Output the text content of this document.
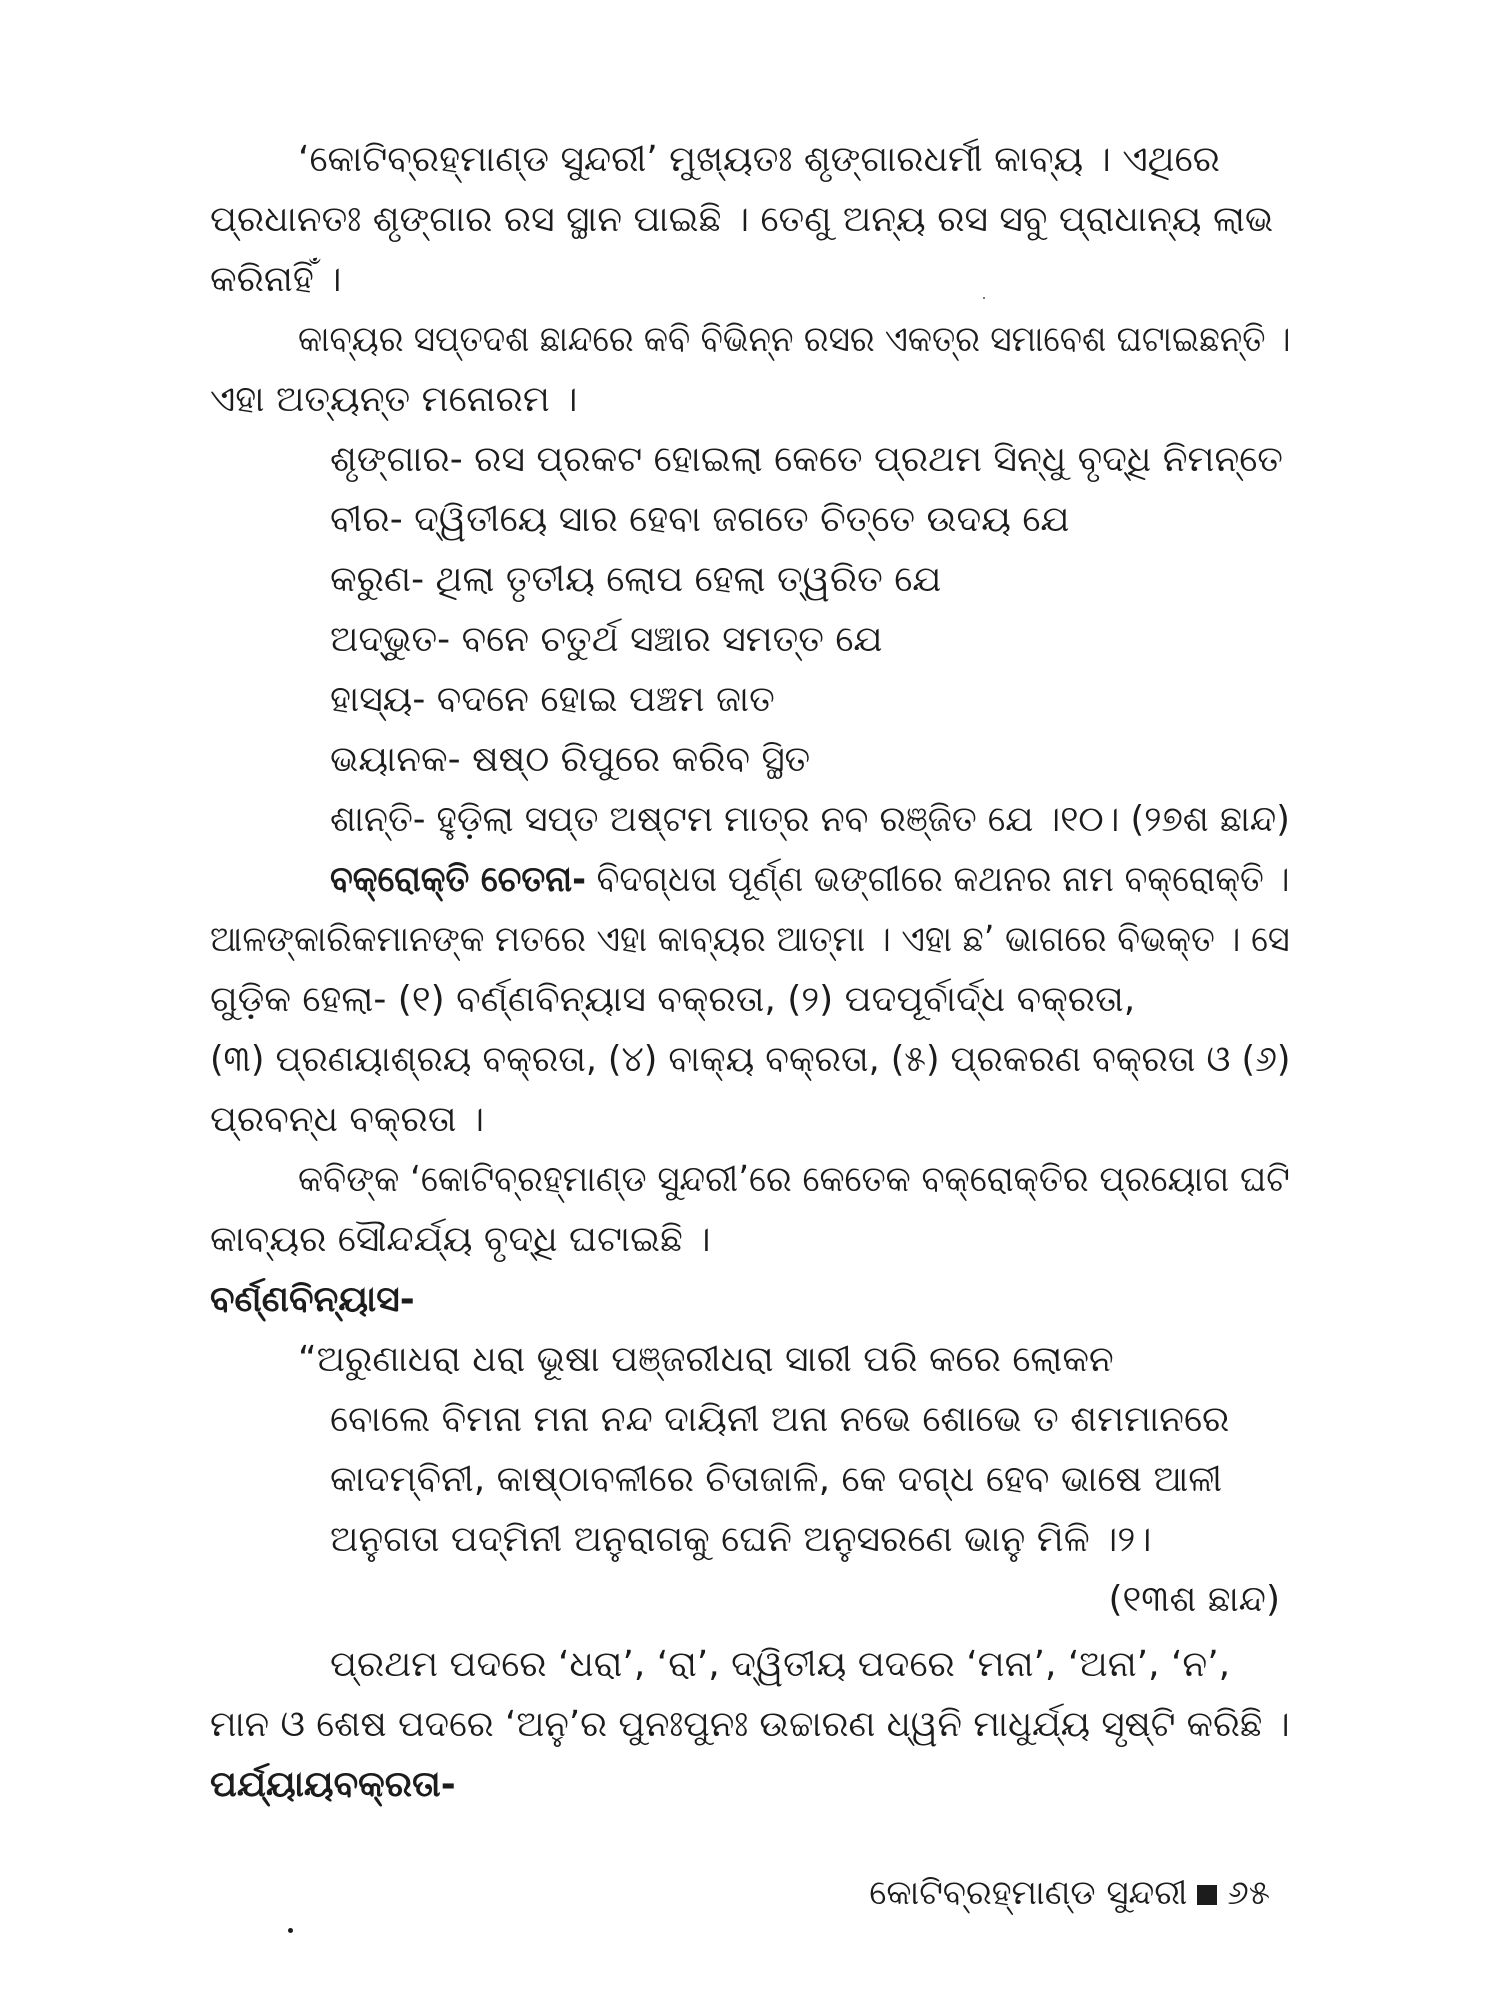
‘କୋଟିବ୍ରହ୍ମାଣ୍ଡ ସୁନ୍ଦରୀ’ ମୁଖ୍ୟତଃ ଶୃଙ୍ଗାରଧର୍ମୀ କାବ୍ୟ । ଏଥିରେ
ପ୍ରଧାନତଃ ଶୃଙ୍ଗାର ରସ ସ୍ଥାନ ପାଇଛି । ତେଣୁ ଅନ୍ୟ ରସ ସବୁ ପ୍ରାଧାନ୍ୟ ଲାଭ
କରିନାହିଁ ।
କାବ୍ୟର ସପ୍ତଦଶ ଛାନ୍ଦରେ କବି ବିଭିନ୍ନ ରସର ଏକତ୍ର ସମାବେଶ ଘଟାଇଛନ୍ତି ।
ଏହା ଅତ୍ୟନ୍ତ ମନୋରମ ।
ଶୃଙ୍ଗାର- ରସ ପ୍ରକଟ ହୋଇଲା କେତେ ପ୍ରଥମ ସିନ୍ଧୁ ବୃଦ୍ଧି ନିମନ୍ତେ
ବୀର- ଦ୍ୱିତୀୟେ ସାର ହେବା ଜଗତେ ଚିତ୍ତେ ଉଦୟ ଯେ
କରୁଣ- ଥିଲା ତୃତୀୟ ଲୋପ ହେଲା ତ୍ୱରିତ ଯେ
ଅଦ୍ଭୁତ- ବନେ ଚତୁର୍ଥ ସଞ୍ଚାର ସମତ୍ତ ଯେ
ହାସ୍ୟ- ବଦନେ ହୋଇ ପଞ୍ଚମ ଜାତ
ଭୟାନକ- ଷଷ୍ଠ ରିପୁରେ କରିବ ସ୍ଥିତ
ଶାନ୍ତି- ହୁଡ଼ିଲା ସପ୍ତ ଅଷ୍ଟମ ମାତ୍ର ନବ ରଞ୍ଜିତ ଯେ ।୧୦। (୨୭ଶ ଛାନ୍ଦ)
ବକ୍ରୋକ୍ତି ଚେତନା- ବିଦଗ୍ଧତା ପୂର୍ଣ୍ଣ ଭଙ୍ଗୀରେ କଥନର ନାମ ବକ୍ରୋକ୍ତି ।
ଆଳଙ୍କାରିକମାନଙ୍କ ମତରେ ଏହା କାବ୍ୟର ଆତ୍ମା । ଏହା ଛ’ ଭାଗରେ ବିଭକ୍ତ । ସେ
ଗୁଡ଼ିକ ହେଲା- (୧) ବର୍ଣ୍ଣବିନ୍ୟାସ ବକ୍ରତା, (୨) ପଦପୂର୍ବାର୍ଦ୍ଧ ବକ୍ରତା,
(୩) ପ୍ରଣୟାଶ୍ରୟ ବକ୍ରତା, (୪) ବାକ୍ୟ ବକ୍ରତା, (୫) ପ୍ରକରଣ ବକ୍ରତା ଓ (୬)
ପ୍ରବନ୍ଧ ବକ୍ରତା ।
କବିଙ୍କ ‘କୋଟିବ୍ରହ୍ମାଣ୍ଡ ସୁନ୍ଦରୀ’ରେ କେତେକ ବକ୍ରୋକ୍ତିର ପ୍ରୟୋଗ ଘଟି
କାବ୍ୟର ସୌନ୍ଦର୍ଯ୍ୟ ବୃଦ୍ଧି ଘଟାଇଛି ।
ବର୍ଣ୍ଣବିନ୍ୟାସ-
“ଅରୁଣାଧରା ଧରା ଭୂଷା ପଞ୍ଜରୀଧରା ସାରୀ ପରି କରେ ଲୋକନ
ବୋଲେ ବିମନା ମନା ନନ୍ଦ ଦାୟିନୀ ଅନା ନଭେ ଶୋଭେ ତ ଶମମାନରେ
କାଦମ୍ବିନୀ, କାଷ୍ଠାବଳୀରେ ଚିତାଜାଳି, କେ ଦଗ୍ଧ ହେବ ଭାଷେ ଆଳୀ
ଅନୁଗତା ପଦ୍ମିନୀ ଅନୁରାଗକୁ ଘେନି ଅନୁସରଣେ ଭାନୁ ମିଳି ।୨।
(୧୩ଶ ଛାନ୍ଦ)
ପ୍ରଥମ ପଦରେ ‘ଧରା’, ‘ରା’, ଦ୍ୱିତୀୟ ପଦରେ ‘ମନା’, ‘ଅନା’, ‘ନ’,
ମାନ ଓ ଶେଷ ପଦରେ ‘ଅନୁ’ର ପୁନଃପୁନଃ ଉଚ୍ଚାରଣ ଧ୍ୱନି ମାଧୁର୍ଯ୍ୟ ସୃଷ୍ଟି କରିଛି ।
ପର୍ଯ୍ୟାୟବକ୍ରତା-
କୋଟିବ୍ରହ୍ମାଣ୍ଡ ସୁନ୍ଦରୀ ୬୫
